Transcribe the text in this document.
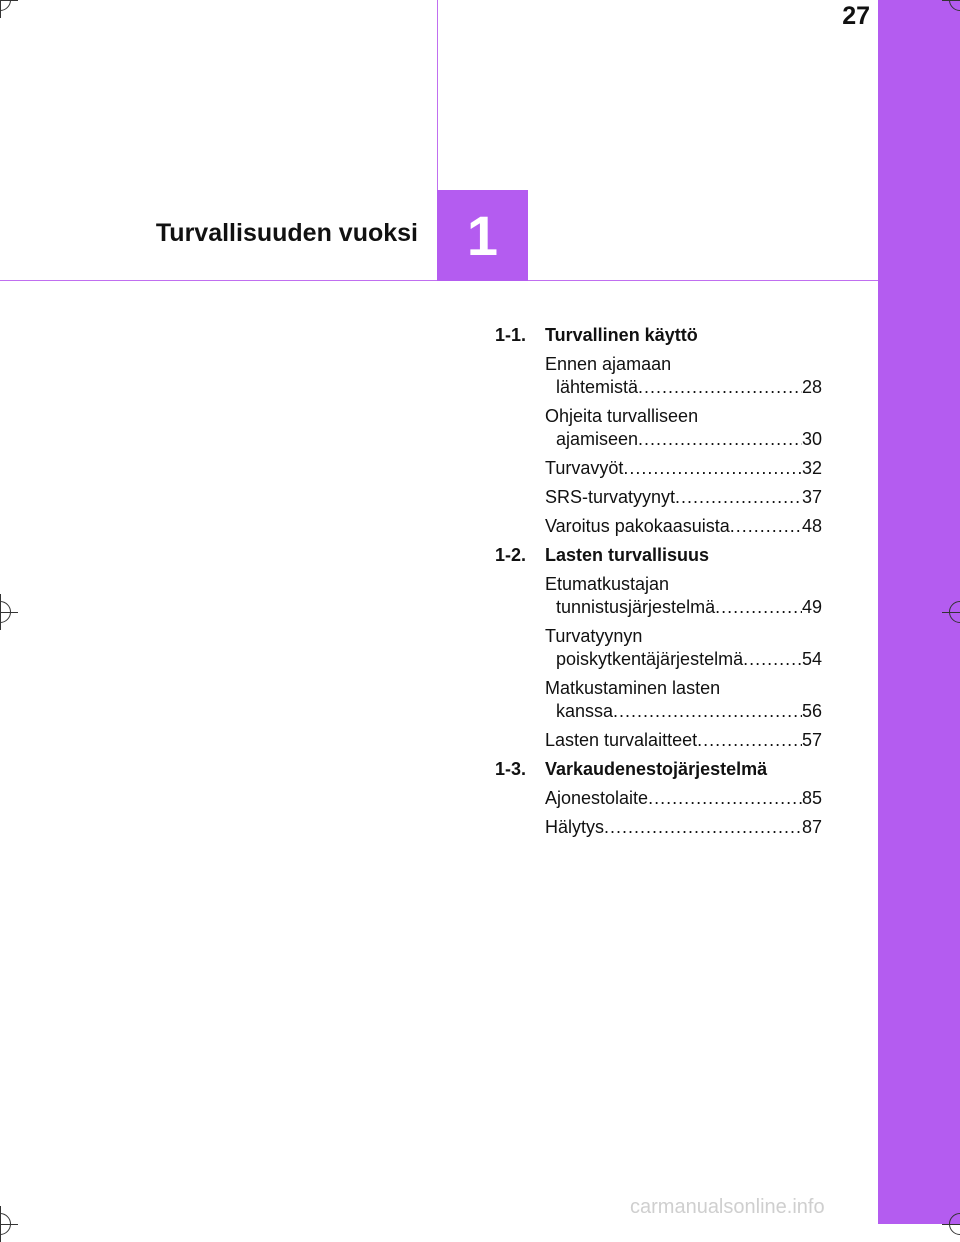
27
Turvallisuuden vuoksi 1
1-1.	Turvallinen käyttö
Ennen ajamaan
lähtemistä .....	28
Ohjeita turvalliseen
ajamiseen .....	30
Turvavyöt .....	32
SRS-turvatyynyt .....	37
Varoitus pakokaasuista .....	48
1-2.	Lasten turvallisuus
Etumatkustajan
tunnistusjärjestelmä .....	49
Turvatyynyn
poiskytkentäjärjestelmä .....	54
Matkustaminen lasten
kanssa .....	56
Lasten turvalaitteet .....	57
1-3.	Varkaudenestojärjestelmä
Ajonestolaite .....	85
Hälytys .....	87
carmanualsonline.info
